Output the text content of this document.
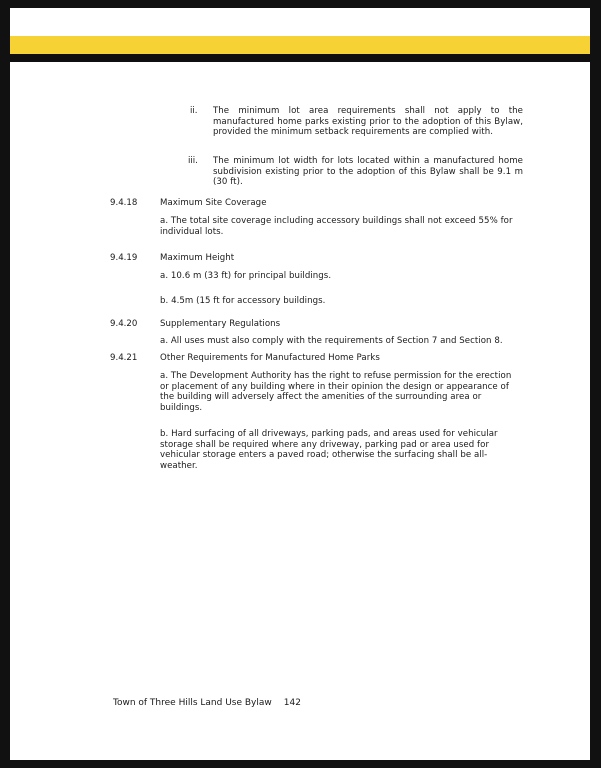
ii. The minimum lot area requirements shall not apply to the manufactured home parks existing prior to the adoption of this Bylaw, provided the minimum setback requirements are complied with.
iii. The minimum lot width for lots located within a manufactured home subdivision existing prior to the adoption of this Bylaw shall be 9.1 m (30 ft).
9.4.18	Maximum Site Coverage
a. The total site coverage including accessory buildings shall not exceed 55% for individual lots.
9.4.19	Maximum Height
a. 10.6 m (33 ft) for principal buildings.
b. 4.5m (15 ft for accessory buildings.
9.4.20	Supplementary Regulations
a. All uses must also comply with the requirements of Section 7 and Section 8.
9.4.21	Other Requirements for Manufactured Home Parks
a. The Development Authority has the right to refuse permission for the erection or placement of any building where in their opinion the design or appearance of the building will adversely affect the amenities of the surrounding area or buildings.
b. Hard surfacing of all driveways, parking pads, and areas used for vehicular storage shall be required where any driveway, parking pad or area used for vehicular storage enters a paved road; otherwise the surfacing shall be all-weather.
Town of Three Hills Land Use Bylaw 142
